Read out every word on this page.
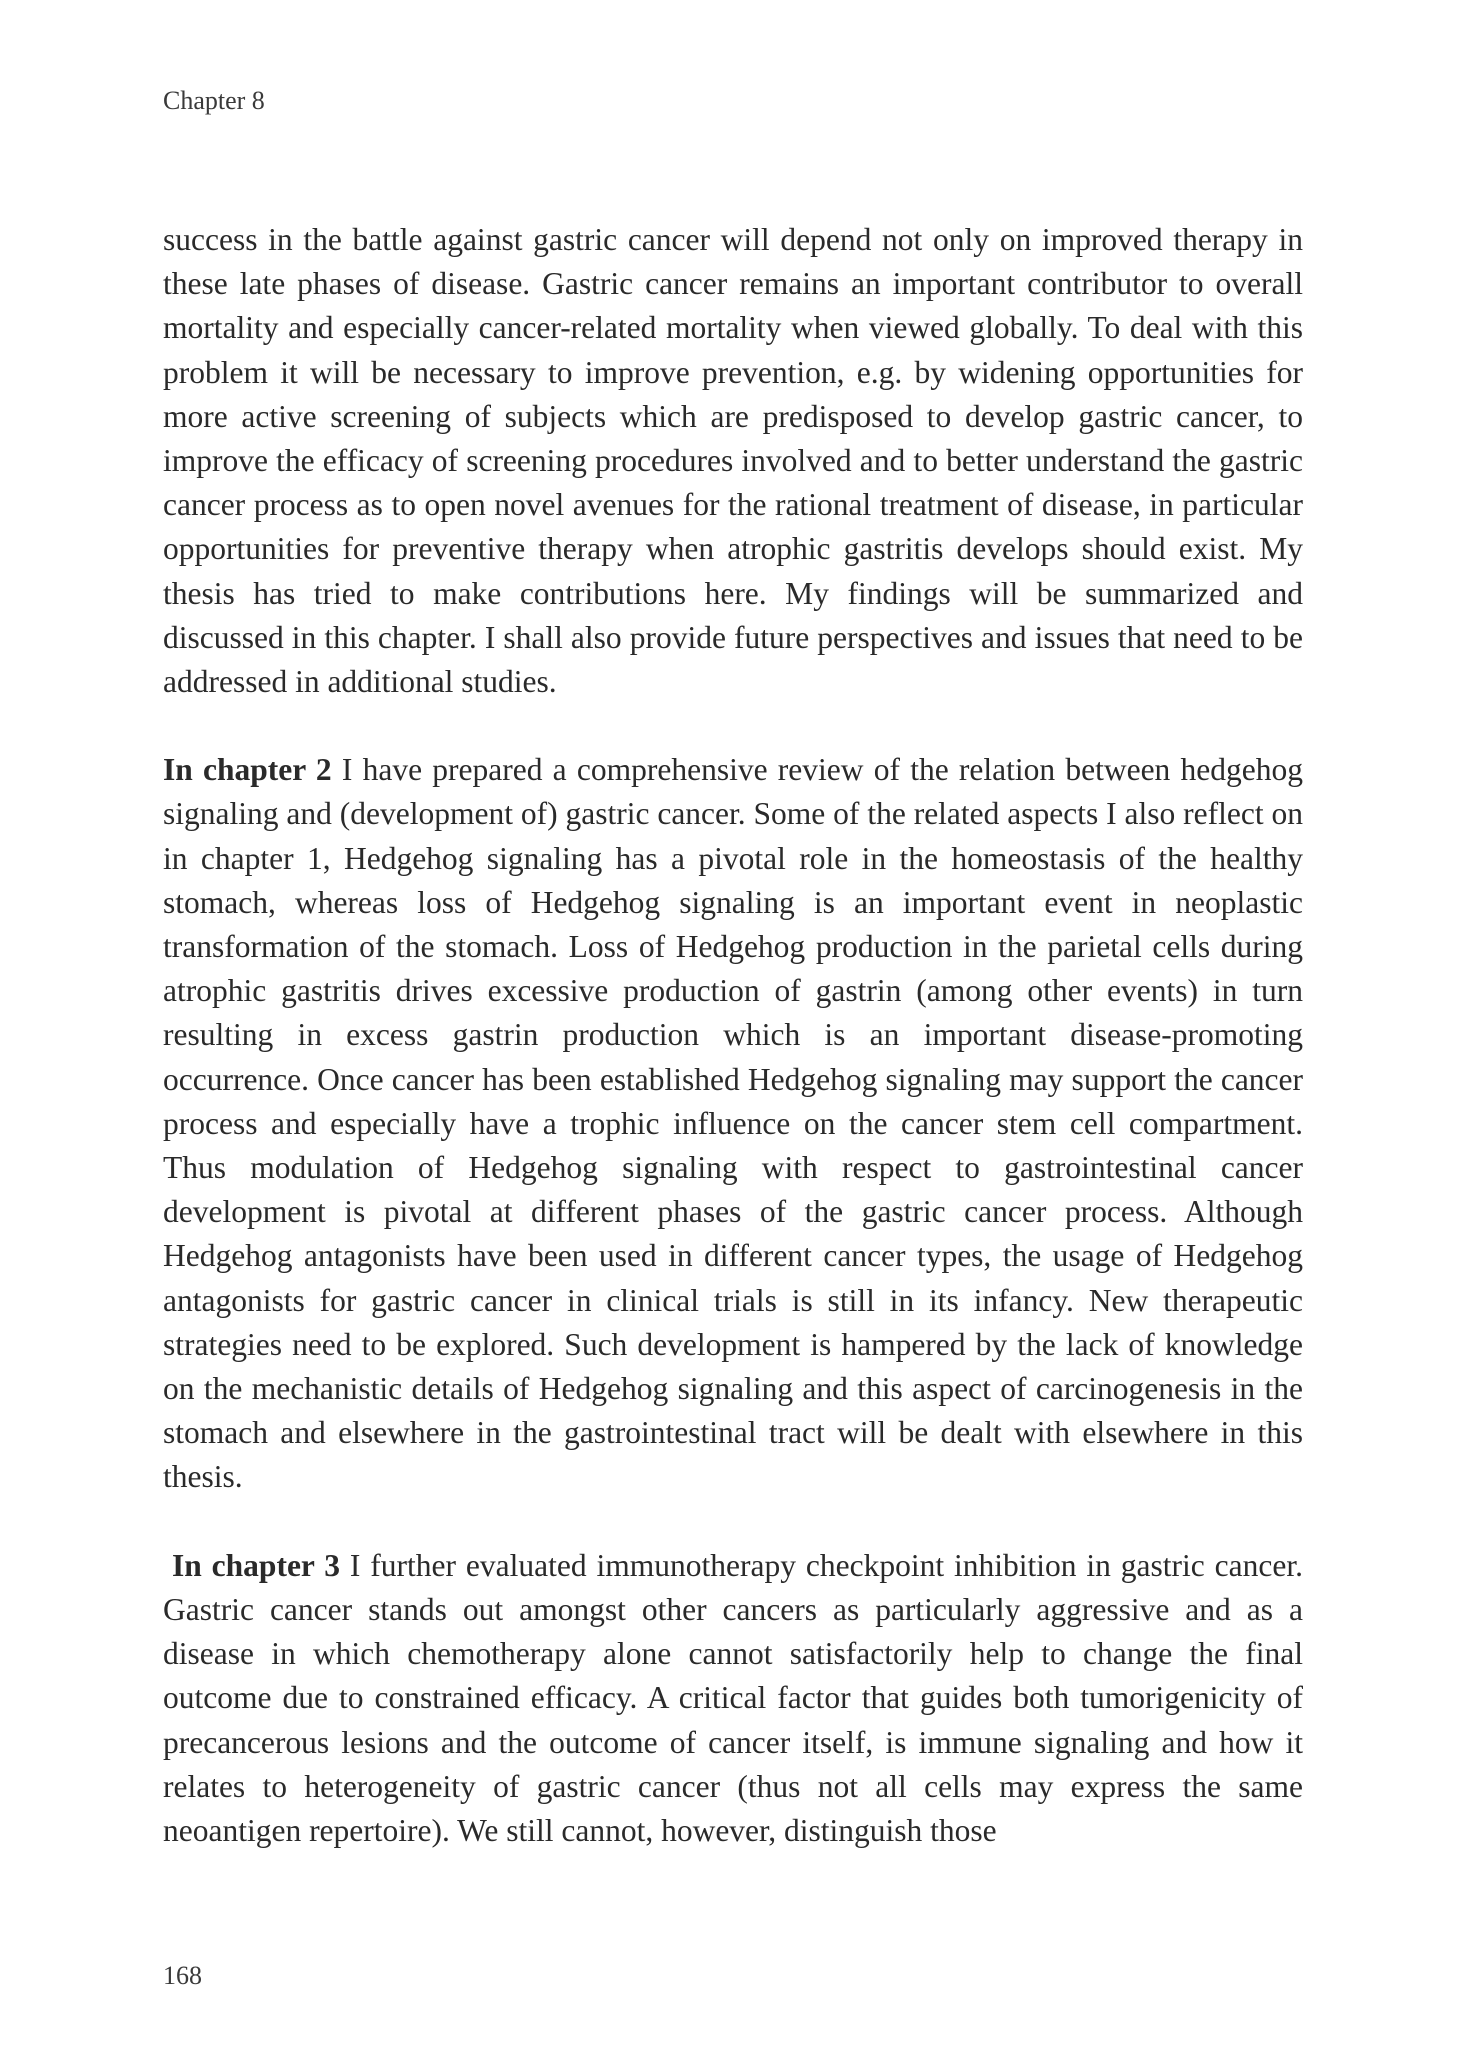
Chapter 8

success in the battle against gastric cancer will depend not only on improved therapy in these late phases of disease. Gastric cancer remains an important contributor to overall mortality and especially cancer-related mortality when viewed globally. To deal with this problem it will be necessary to improve prevention, e.g. by widening opportunities for more active screening of subjects which are predisposed to develop gastric cancer, to improve the efficacy of screening procedures involved and to better understand the gastric cancer process as to open novel avenues for the rational treatment of disease, in particular opportunities for preventive therapy when atrophic gastritis develops should exist. My thesis has tried to make contributions here. My findings will be summarized and discussed in this chapter. I shall also provide future perspectives and issues that need to be addressed in additional studies.

In chapter 2 I have prepared a comprehensive review of the relation between hedgehog signaling and (development of) gastric cancer. Some of the related aspects I also reflect on in chapter 1, Hedgehog signaling has a pivotal role in the homeostasis of the healthy stomach, whereas loss of Hedgehog signaling is an important event in neoplastic transformation of the stomach. Loss of Hedgehog production in the parietal cells during atrophic gastritis drives excessive production of gastrin (among other events) in turn resulting in excess gastrin production which is an important disease-promoting occurrence. Once cancer has been established Hedgehog signaling may support the cancer process and especially have a trophic influence on the cancer stem cell compartment. Thus modulation of Hedgehog signaling with respect to gastrointestinal cancer development is pivotal at different phases of the gastric cancer process. Although Hedgehog antagonists have been used in different cancer types, the usage of Hedgehog antagonists for gastric cancer in clinical trials is still in its infancy. New therapeutic strategies need to be explored. Such development is hampered by the lack of knowledge on the mechanistic details of Hedgehog signaling and this aspect of carcinogenesis in the stomach and elsewhere in the gastrointestinal tract will be dealt with elsewhere in this thesis.

In chapter 3 I further evaluated immunotherapy checkpoint inhibition in gastric cancer. Gastric cancer stands out amongst other cancers as particularly aggressive and as a disease in which chemotherapy alone cannot satisfactorily help to change the final outcome due to constrained efficacy. A critical factor that guides both tumorigenicity of precancerous lesions and the outcome of cancer itself, is immune signaling and how it relates to heterogeneity of gastric cancer (thus not all cells may express the same neoantigen repertoire). We still cannot, however, distinguish those

168
